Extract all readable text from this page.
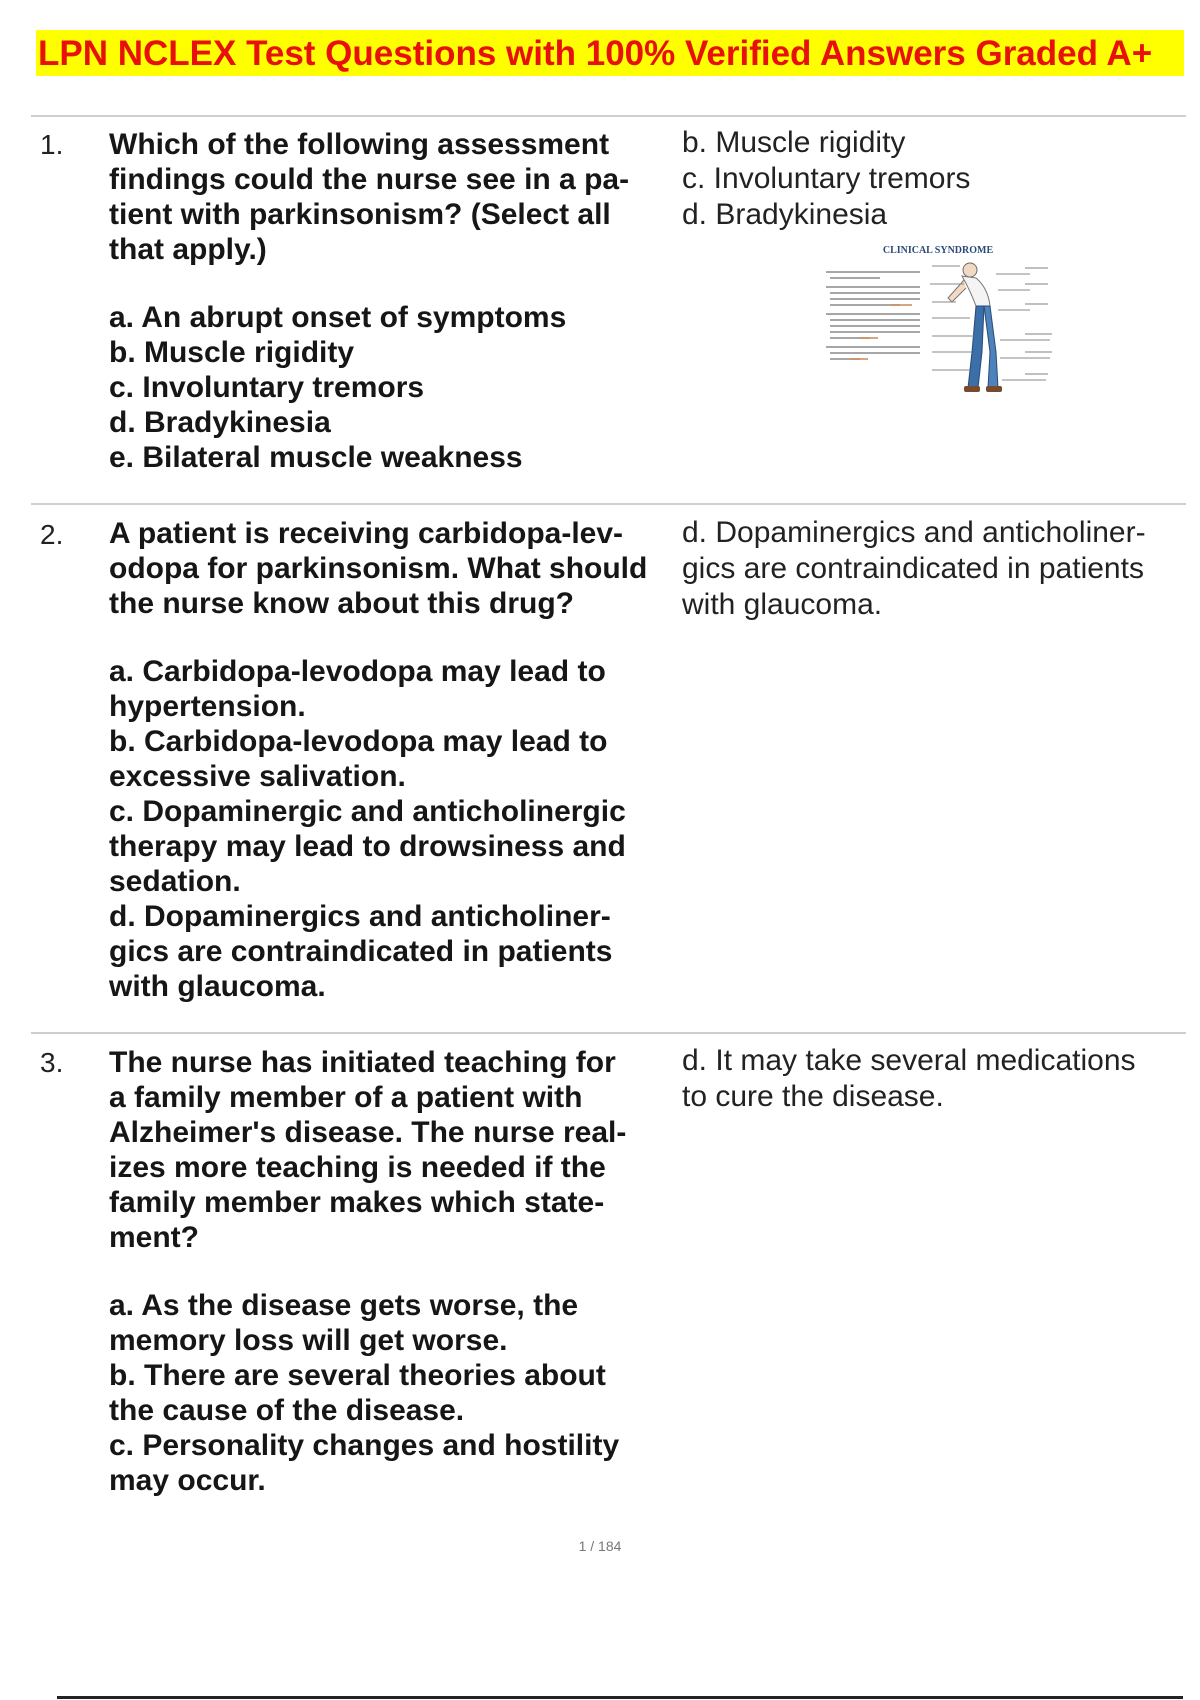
LPN NCLEX Test Questions with 100% Verified Answers Graded A+
1. Which of the following assessment
findings could the nurse see in a pa-
tient with parkinsonism? (Select all
that apply.)
a. An abrupt onset of symptoms
b. Muscle rigidity
c. Involuntary tremors
d. Bradykinesia
e. Bilateral muscle weakness
b. Muscle rigidity
c. Involuntary tremors
d. Bradykinesia
CLINICAL SYNDROME
2. A patient is receiving carbidopa-lev-
odopa for parkinsonism. What should
the nurse know about this drug?
a. Carbidopa-levodopa may lead to
hypertension.
b. Carbidopa-levodopa may lead to
excessive salivation.
c. Dopaminergic and anticholinergic
therapy may lead to drowsiness and
sedation.
d. Dopaminergics and anticholiner-
gics are contraindicated in patients
with glaucoma.
d. Dopaminergics and anticholiner-
gics are contraindicated in patients
with glaucoma.
3. The nurse has initiated teaching for
a family member of a patient with
Alzheimer's disease. The nurse real-
izes more teaching is needed if the
family member makes which state-
ment?
a. As the disease gets worse, the
memory loss will get worse.
b. There are several theories about
the cause of the disease.
c. Personality changes and hostility
may occur.
d. It may take several medications
to cure the disease.
1 / 184
